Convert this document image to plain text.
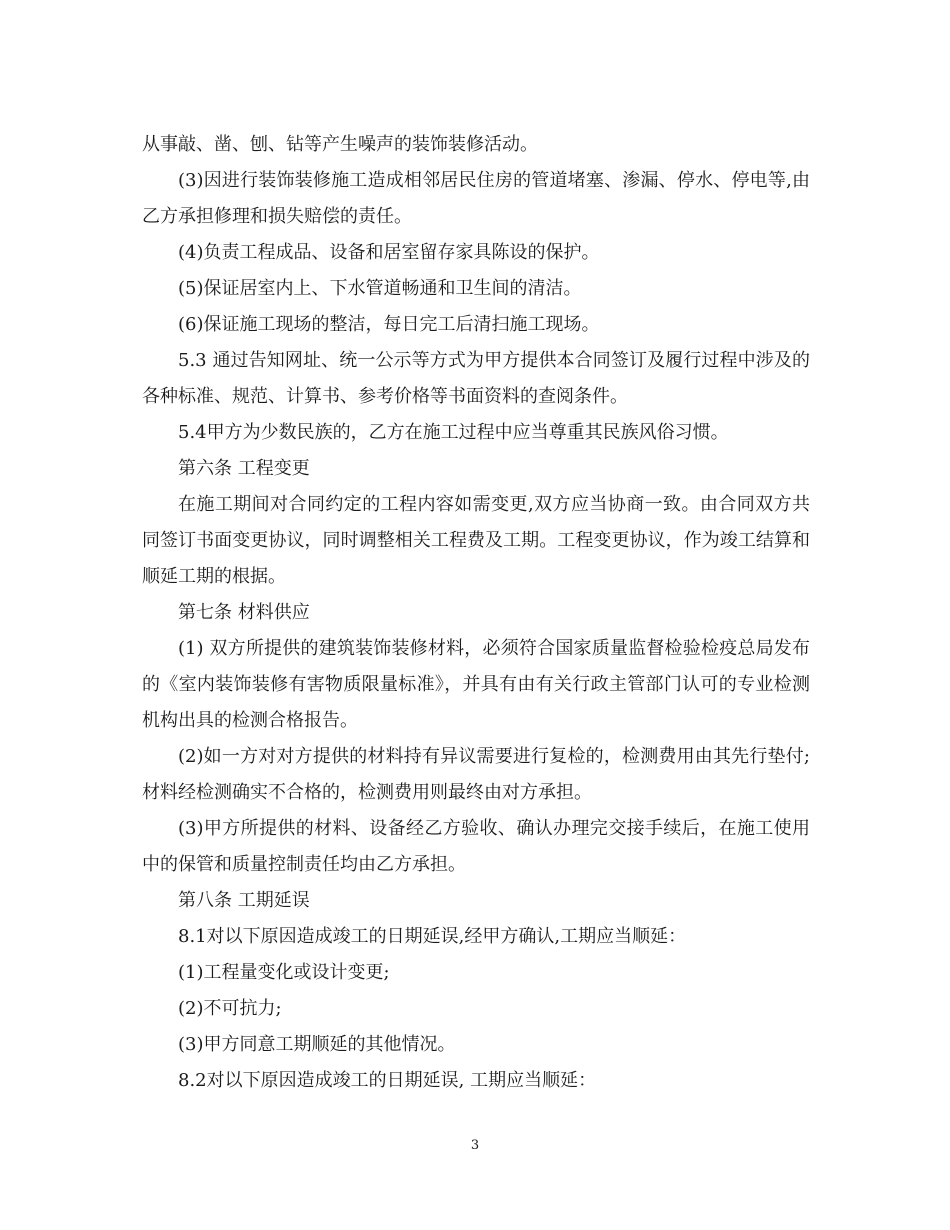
从事敲、凿、刨、钻等产生噪声的装饰装修活动。

(3)因进行装饰装修施工造成相邻居民住房的管道堵塞、渗漏、停水、停电等,由乙方承担修理和损失赔偿的责任。

(4)负责工程成品、设备和居室留存家具陈设的保护。

(5)保证居室内上、下水管道畅通和卫生间的清洁。

(6)保证施工现场的整洁，每日完工后清扫施工现场。

5.3 通过告知网址、统一公示等方式为甲方提供本合同签订及履行过程中涉及的各种标准、规范、计算书、参考价格等书面资料的查阅条件。

5.4甲方为少数民族的，乙方在施工过程中应当尊重其民族风俗习惯。

第六条 工程变更

在施工期间对合同约定的工程内容如需变更,双方应当协商一致。由合同双方共同签订书面变更协议，同时调整相关工程费及工期。工程变更协议，作为竣工结算和顺延工期的根据。

第七条 材料供应

(1) 双方所提供的建筑装饰装修材料，必须符合国家质量监督检验检疫总局发布的《室内装饰装修有害物质限量标准》，并具有由有关行政主管部门认可的专业检测机构出具的检测合格报告。

(2)如一方对对方提供的材料持有异议需要进行复检的，检测费用由其先行垫付;材料经检测确实不合格的，检测费用则最终由对方承担。

(3)甲方所提供的材料、设备经乙方验收、确认办理完交接手续后，在施工使用中的保管和质量控制责任均由乙方承担。

第八条 工期延误

8.1对以下原因造成竣工的日期延误,经甲方确认,工期应当顺延：

(1)工程量变化或设计变更;

(2)不可抗力;

(3)甲方同意工期顺延的其他情况。

8.2对以下原因造成竣工的日期延误, 工期应当顺延：

3
